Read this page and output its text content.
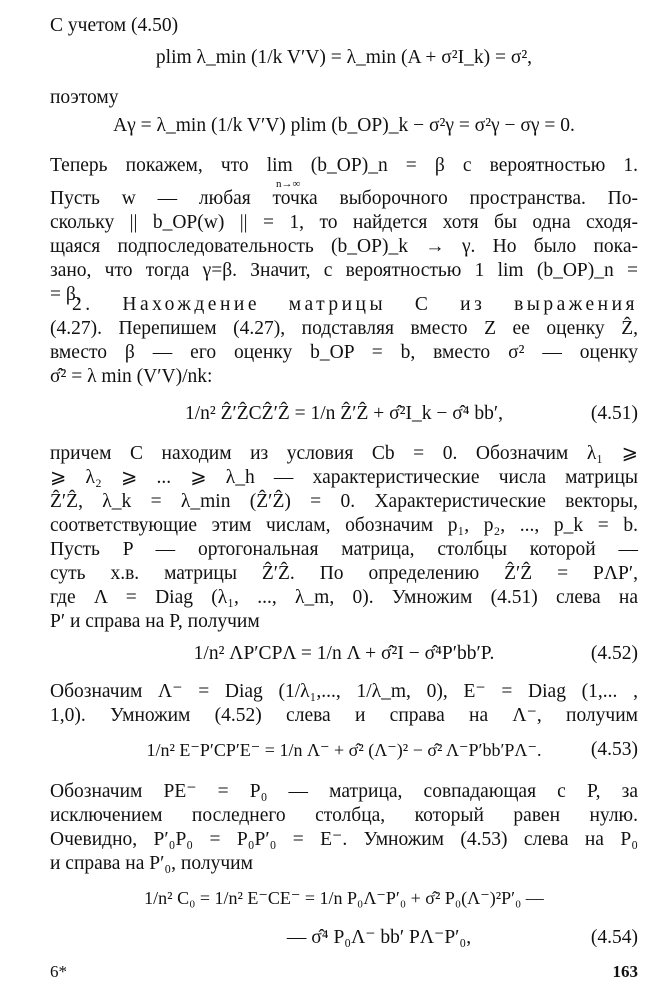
С учетом (4.50)
plim λ_min (1/k V′V) = λ_min (A + σ²I_k) = σ²,
поэтому
Aγ = λ_min (1/k V′V) plim (b_OP)_k − σ²γ = σ²γ − σγ = 0.
Теперь покажем, что lim (b_OP)_n = β с вероятностью 1.
n→∞
Пусть w — любая точка выборочного пространства. По-
скольку || b_OP(w) || = 1, то найдется хотя бы одна сходя-
щаяся подпоследовательность (b_OP)_k → γ. Но было пока-
зано, что тогда γ=β. Значит, с вероятностью 1 lim (b_OP)_n =
= β.
2. Нахождение матрицы C из выражения
(4.27). Перепишем (4.27), подставляя вместо Z ее оценку Ẑ,
вместо β — его оценку b_OP = b, вместо σ² — оценку
σ̂² = λ min (V′V)/nk:
1/n² Ẑ′ẐCẐ′Ẑ = 1/n Ẑ′Ẑ + σ̂²I_k − σ̂⁴ bb′,	(4.51)
причем C находим из условия Cb = 0. Обозначим λ₁ ⩾
⩾ λ₂ ⩾ ... ⩾ λ_h — характеристические числа матрицы
Ẑ′Ẑ, λ_k = λ_min (Ẑ′Ẑ) = 0. Характеристические векторы,
соответствующие этим числам, обозначим p₁, p₂, ..., p_k = b.
Пусть P — ортогональная матрица, столбцы которой —
суть х.в. матрицы Ẑ′Ẑ. По определению Ẑ′Ẑ = PΛP′,
где Λ = Diag (λ₁, ..., λ_m, 0). Умножим (4.51) слева на
P′ и справа на P, получим
1/n² ΛP′CPΛ = 1/n Λ + σ̂²I − σ̂⁴P′bb′P.	(4.52)
Обозначим Λ⁻ = Diag (1/λ₁,..., 1/λ_m, 0), E⁻ = Diag (1,... ,
1,0). Умножим (4.52) слева и справа на Λ⁻, получим
1/n² E⁻P′CP′E⁻ = 1/n Λ⁻ + σ̂² (Λ⁻)² − σ̂² Λ⁻P′bb′PΛ⁻.	(4.53)
Обозначим PE⁻ = P₀ — матрица, совпадающая с P, за
исключением последнего столбца, который равен нулю.
Очевидно, P′₀P₀ = P₀P′₀ = E⁻. Умножим (4.53) слева на P₀
и справа на P′₀, получим
1/n² C₀ = 1/n² E⁻CE⁻ = 1/n P₀Λ⁻P′₀ + σ̂² P₀(Λ⁻)²P′₀ —
— σ̂⁴ P₀Λ⁻ bb′ PΛ⁻P′₀,	(4.54)
6*	163
